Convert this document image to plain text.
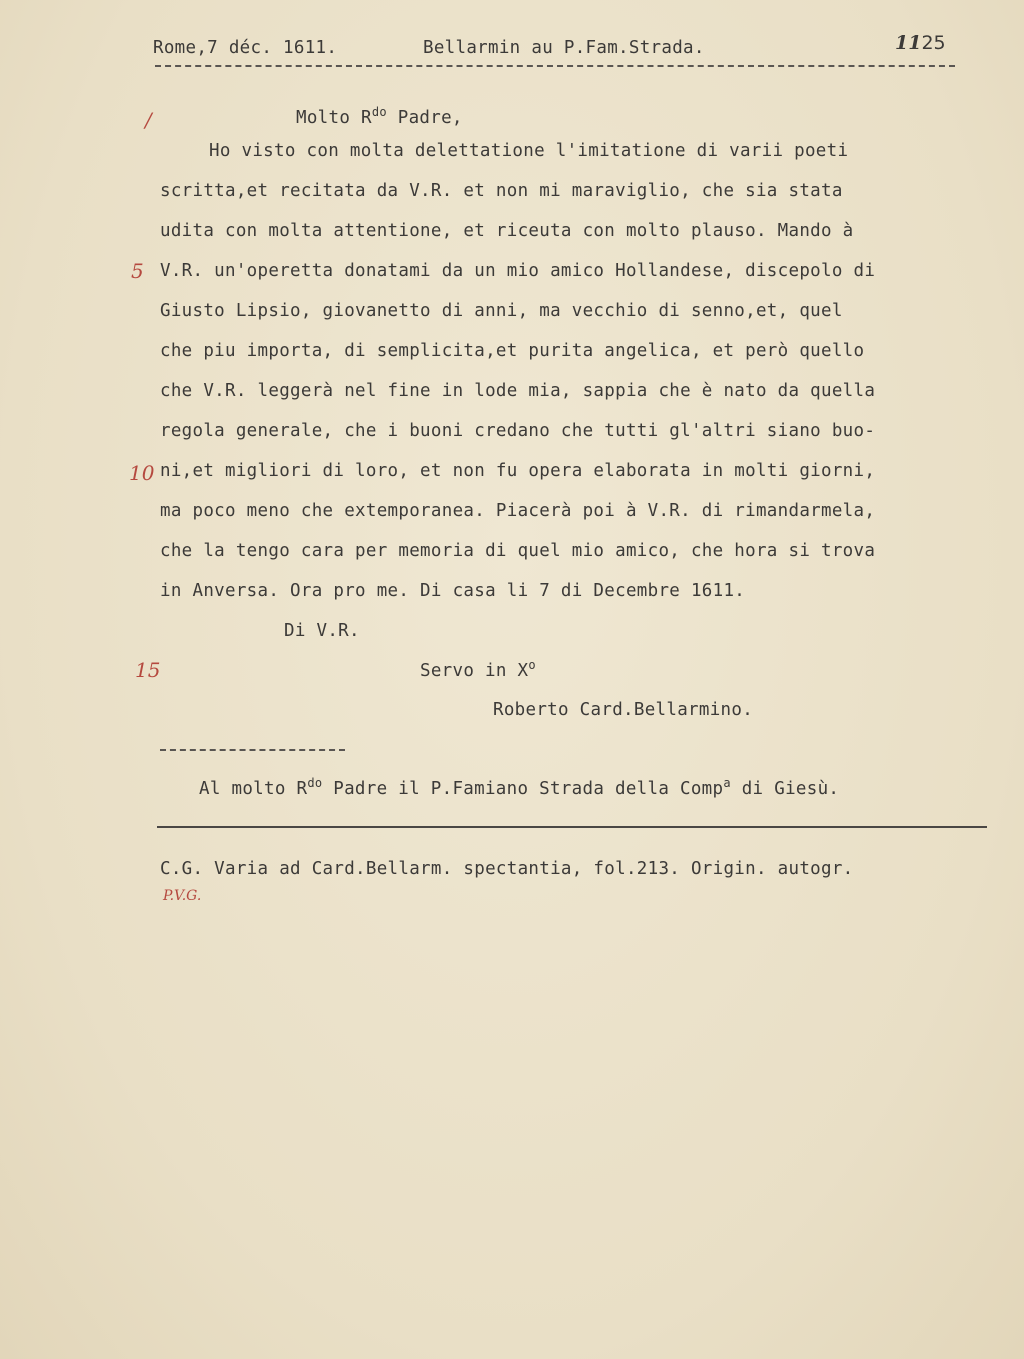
Rome,7 déc. 1611.	Bellarmin au P.Fam.Strada.	1125
/
5
10
15
Molto $R^{do}$ Padre,
Ho visto con molta delettatione l'imitatione di varii poeti
scritta,et recitata da V.R. et non mi maraviglio, che sia stata
udita con molta attentione, et riceuta con molto plauso. Mando à
V.R. un'operetta donatami da un mio amico Hollandese, discepolo di
Giusto Lipsio, giovanetto di anni, ma vecchio di senno,et, quel
che piu importa, di semplicita,et purita angelica, et però quello
che V.R. leggerà nel fine in lode mia, sappia che è nato da quella
regola generale, che i buoni credano che tutti gl'altri siano buo-
ni,et migliori di loro, et non fu opera elaborata in molti giorni,
ma poco meno che extemporanea. Piacerà poi à V.R. di rimandarmela,
che la tengo cara per memoria di quel mio amico, che hora si trova
in Anversa. Ora pro me. Di casa li 7 di Decembre 1611.
Di V.R.
Servo in $X^o$
Roberto Card.Bellarmino.
Al molto $R^{do}$ Padre il P.Famiano Strada della Comp$^a$ di Giesù.
C.G. Varia ad Card.Bellarm. spectantia, fol.213. Origin. autogr.
P.V.G.
